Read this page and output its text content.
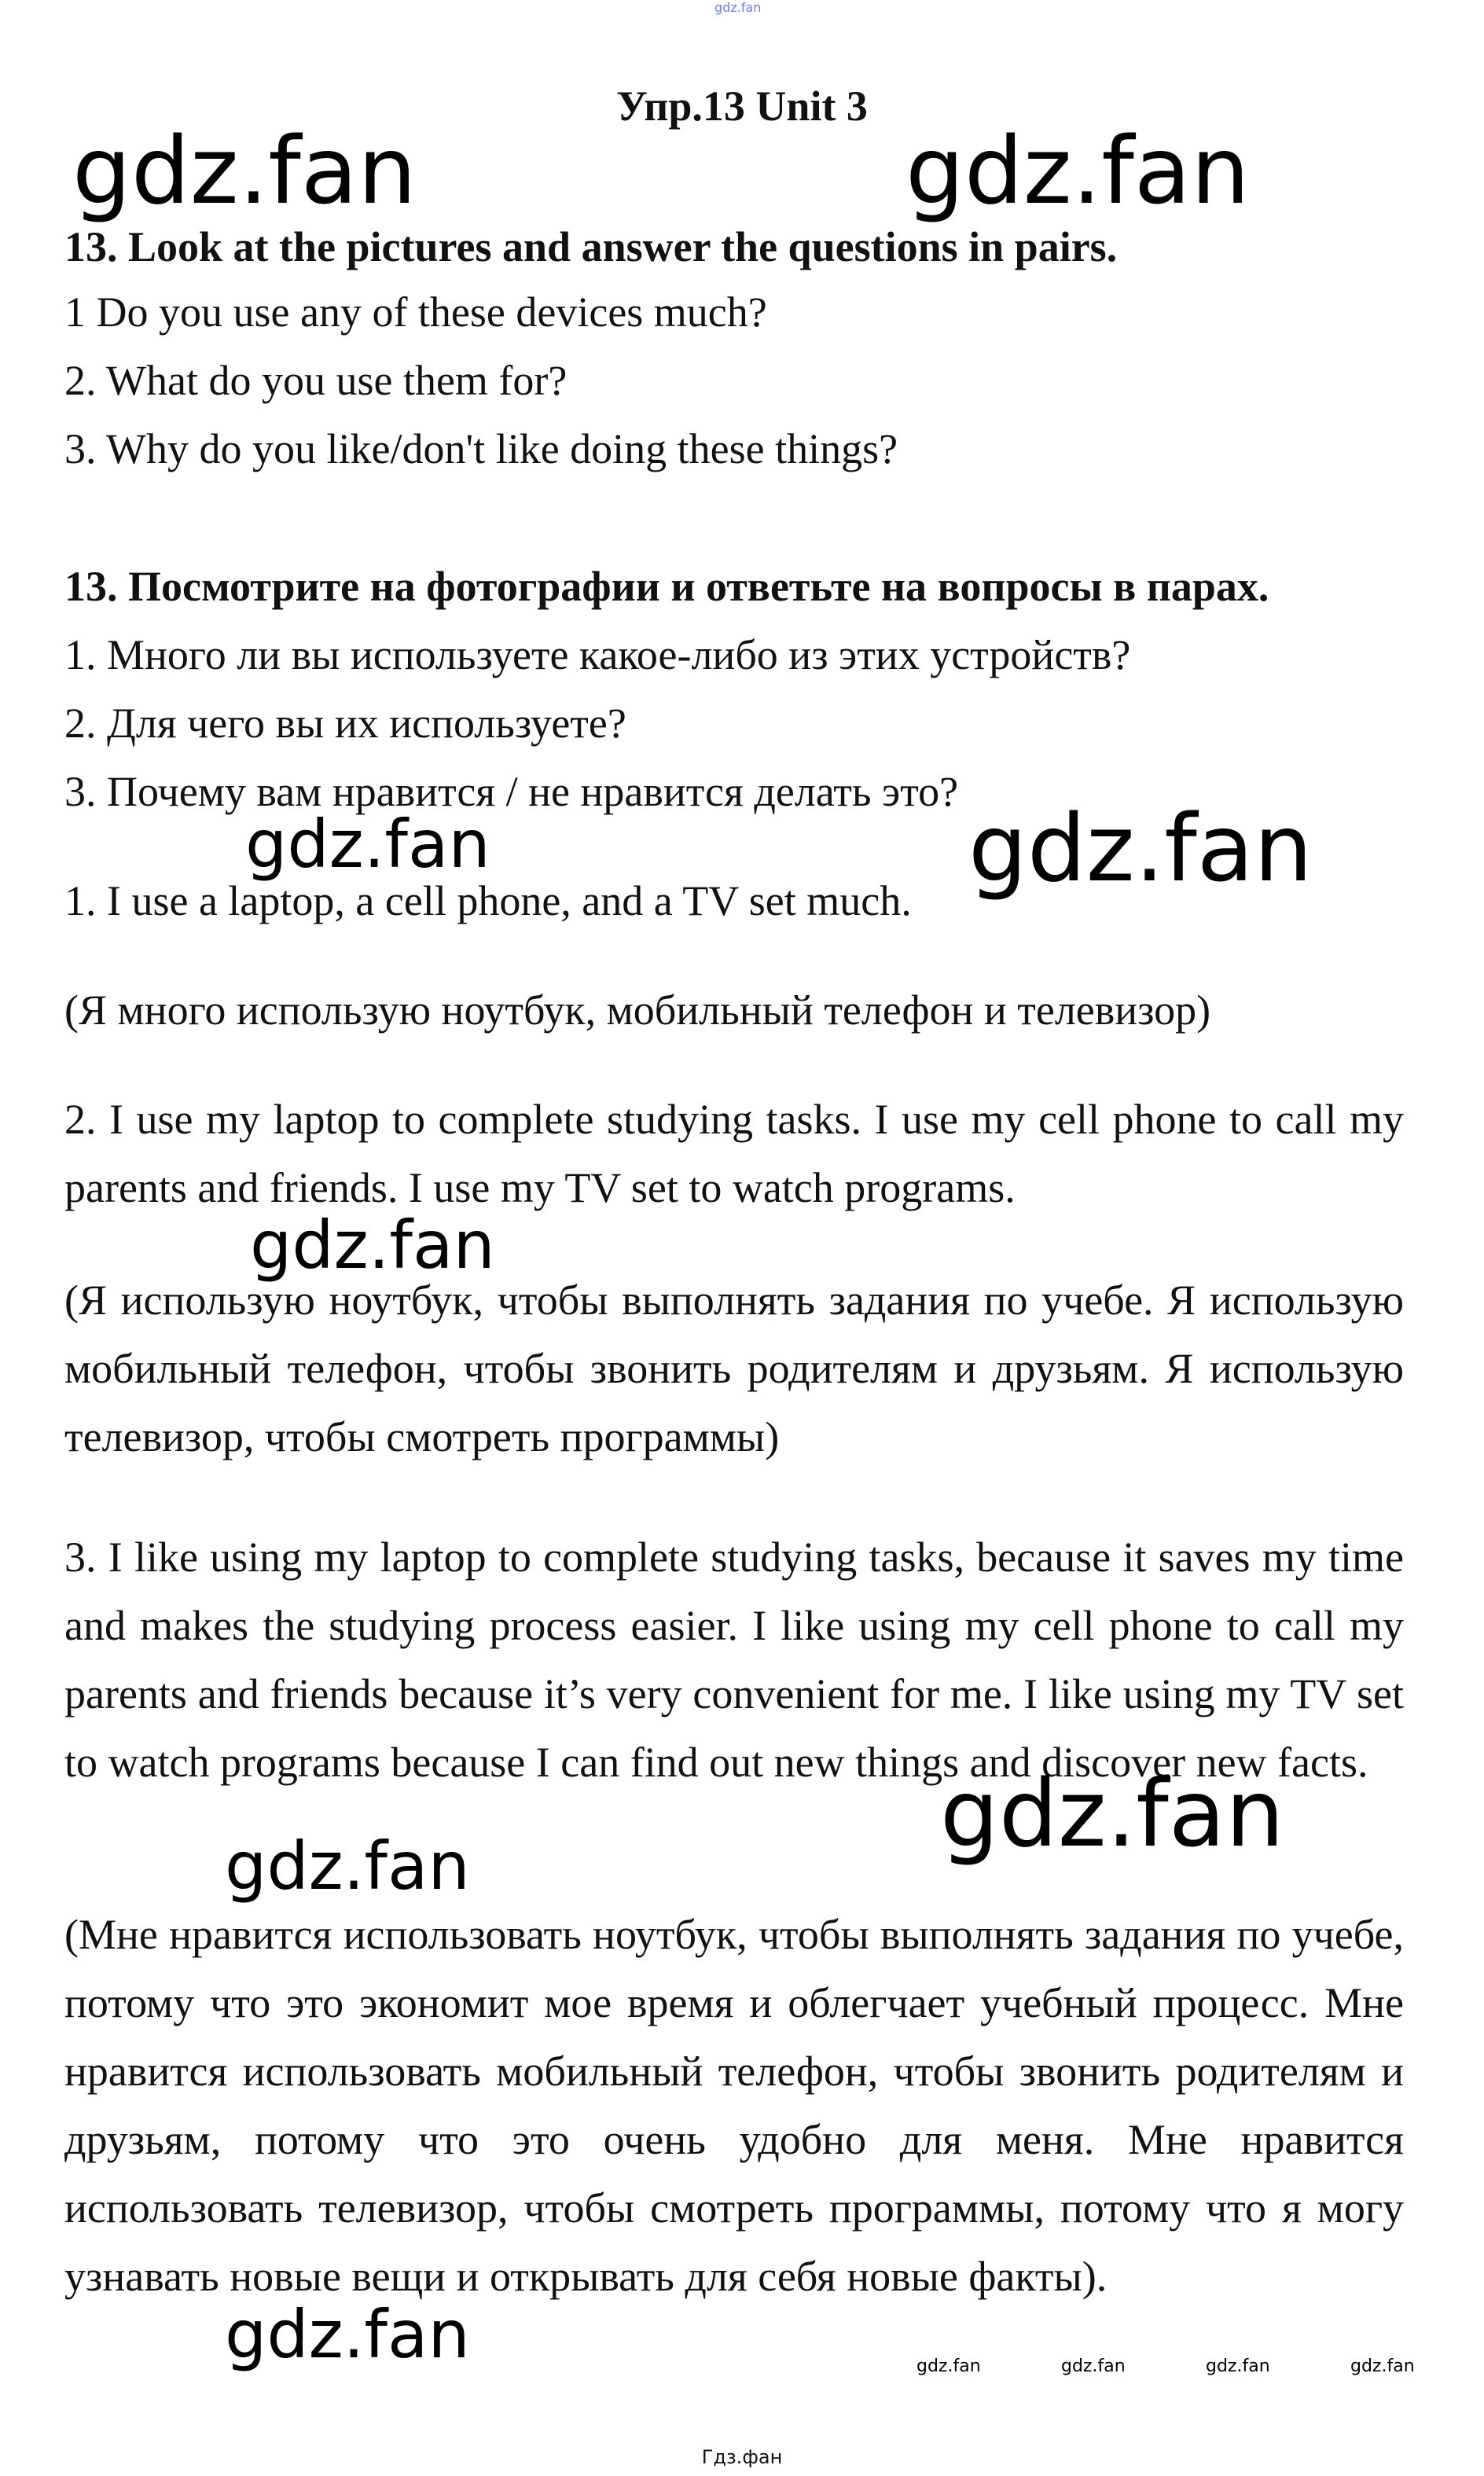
gdz.fan
Упр.13 Unit 3
gdz.fan	gdz.fan
13. Look at the pictures and answer the questions in pairs.
1 Do you use any of these devices much?
2. What do you use them for?
3. Why do you like/don't like doing these things?
13. Посмотрите на фотографии и ответьте на вопросы в парах.
1. Много ли вы используете какое-либо из этих устройств?
2. Для чего вы их используете?
3. Почему вам нравится / не нравится делать это?
gdz.fan	gdz.fan
1. I use a laptop, a cell phone, and a TV set much.
(Я много использую ноутбук, мобильный телефон и телевизор)
2. I use my laptop to complete studying tasks. I use my cell phone to call my parents and friends. I use my TV set to watch programs.
gdz.fan
(Я использую ноутбук, чтобы выполнять задания по учебе. Я использую мобильный телефон, чтобы звонить родителям и друзьям. Я использую телевизор, чтобы смотреть программы)
3. I like using my laptop to complete studying tasks, because it saves my time and makes the studying process easier. I like using my cell phone to call my parents and friends because it’s very convenient for me. I like using my TV set to watch programs because I can find out new things and discover new facts.
gdz.fan
gdz.fan
(Мне нравится использовать ноутбук, чтобы выполнять задания по учебе, потому что это экономит мое время и облегчает учебный процесс. Мне нравится использовать мобильный телефон, чтобы звонить родителям и друзьям, потому что это очень удобно для меня. Мне нравится использовать телевизор, чтобы смотреть программы, потому что я могу узнавать новые вещи и открывать для себя новые факты).
gdz.fan	gdz.fan	gdz.fan	gdz.fan	gdz.fan
Гдз.фан
